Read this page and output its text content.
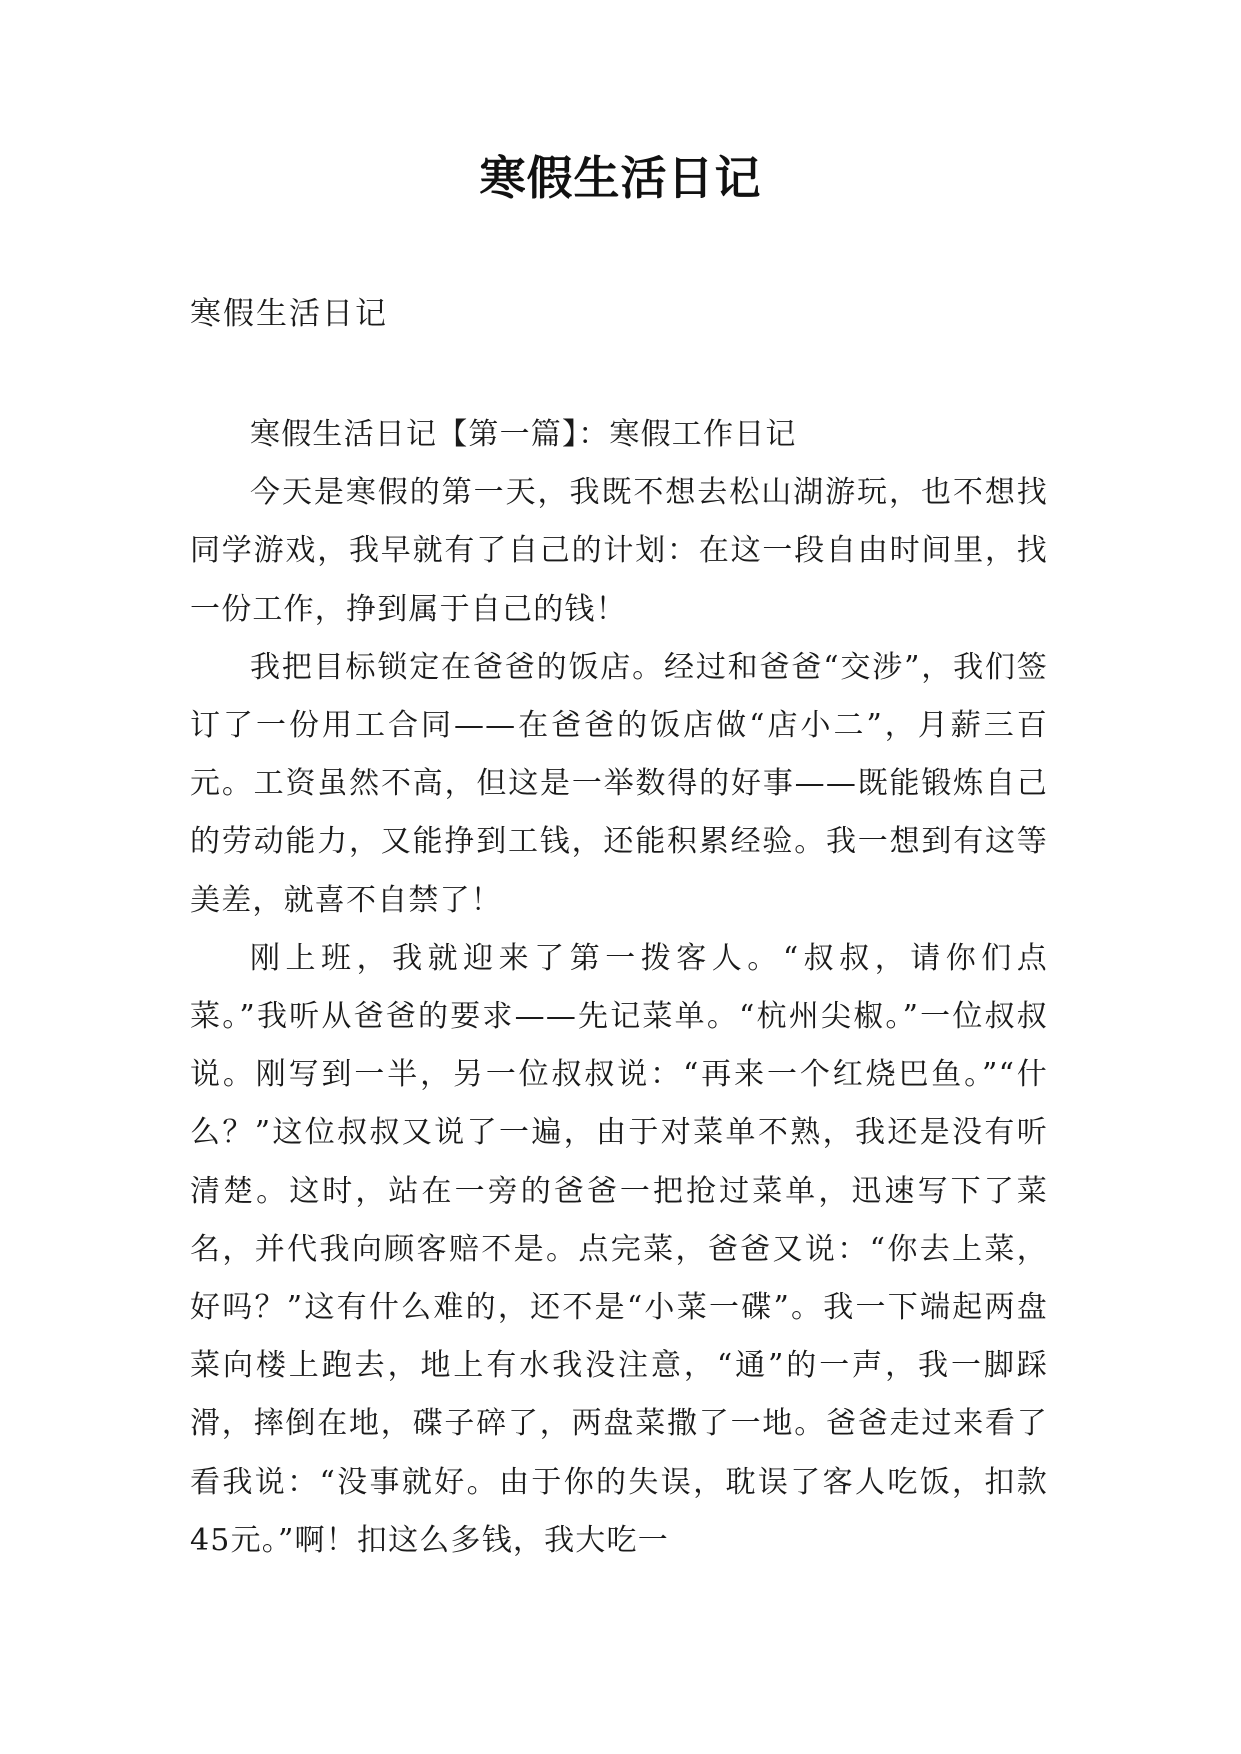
寒假生活日记
寒假生活日记

寒假生活日记【第一篇】：寒假工作日记

今天是寒假的第一天，我既不想去松山湖游玩，也不想找同学游戏，我早就有了自己的计划：在这一段自由时间里，找一份工作，挣到属于自己的钱！

我把目标锁定在爸爸的饭店。经过和爸爸“交涉”，我们签订了一份用工合同——在爸爸的饭店做“店小二”，月薪三百元。工资虽然不高，但这是一举数得的好事——既能锻炼自己的劳动能力，又能挣到工钱，还能积累经验。我一想到有这等美差，就喜不自禁了！

刚上班，我就迎来了第一拨客人。“叔叔，请你们点菜。”我听从爸爸的要求——先记菜单。“杭州尖椒。”一位叔叔说。刚写到一半，另一位叔叔说：“再来一个红烧巴鱼。”“什么？”这位叔叔又说了一遍，由于对菜单不熟，我还是没有听清楚。这时，站在一旁的爸爸一把抢过菜单，迅速写下了菜名，并代我向顾客赔不是。点完菜，爸爸又说：“你去上菜，好吗？”这有什么难的，还不是“小菜一碟”。我一下端起两盘菜向楼上跑去，地上有水我没注意，“通”的一声，我一脚踩滑，摔倒在地，碟子碎了，两盘菜撒了一地。爸爸走过来看了看我说：“没事就好。由于你的失误，耽误了客人吃饭，扣款45元。”啊！扣这么多钱，我大吃一
